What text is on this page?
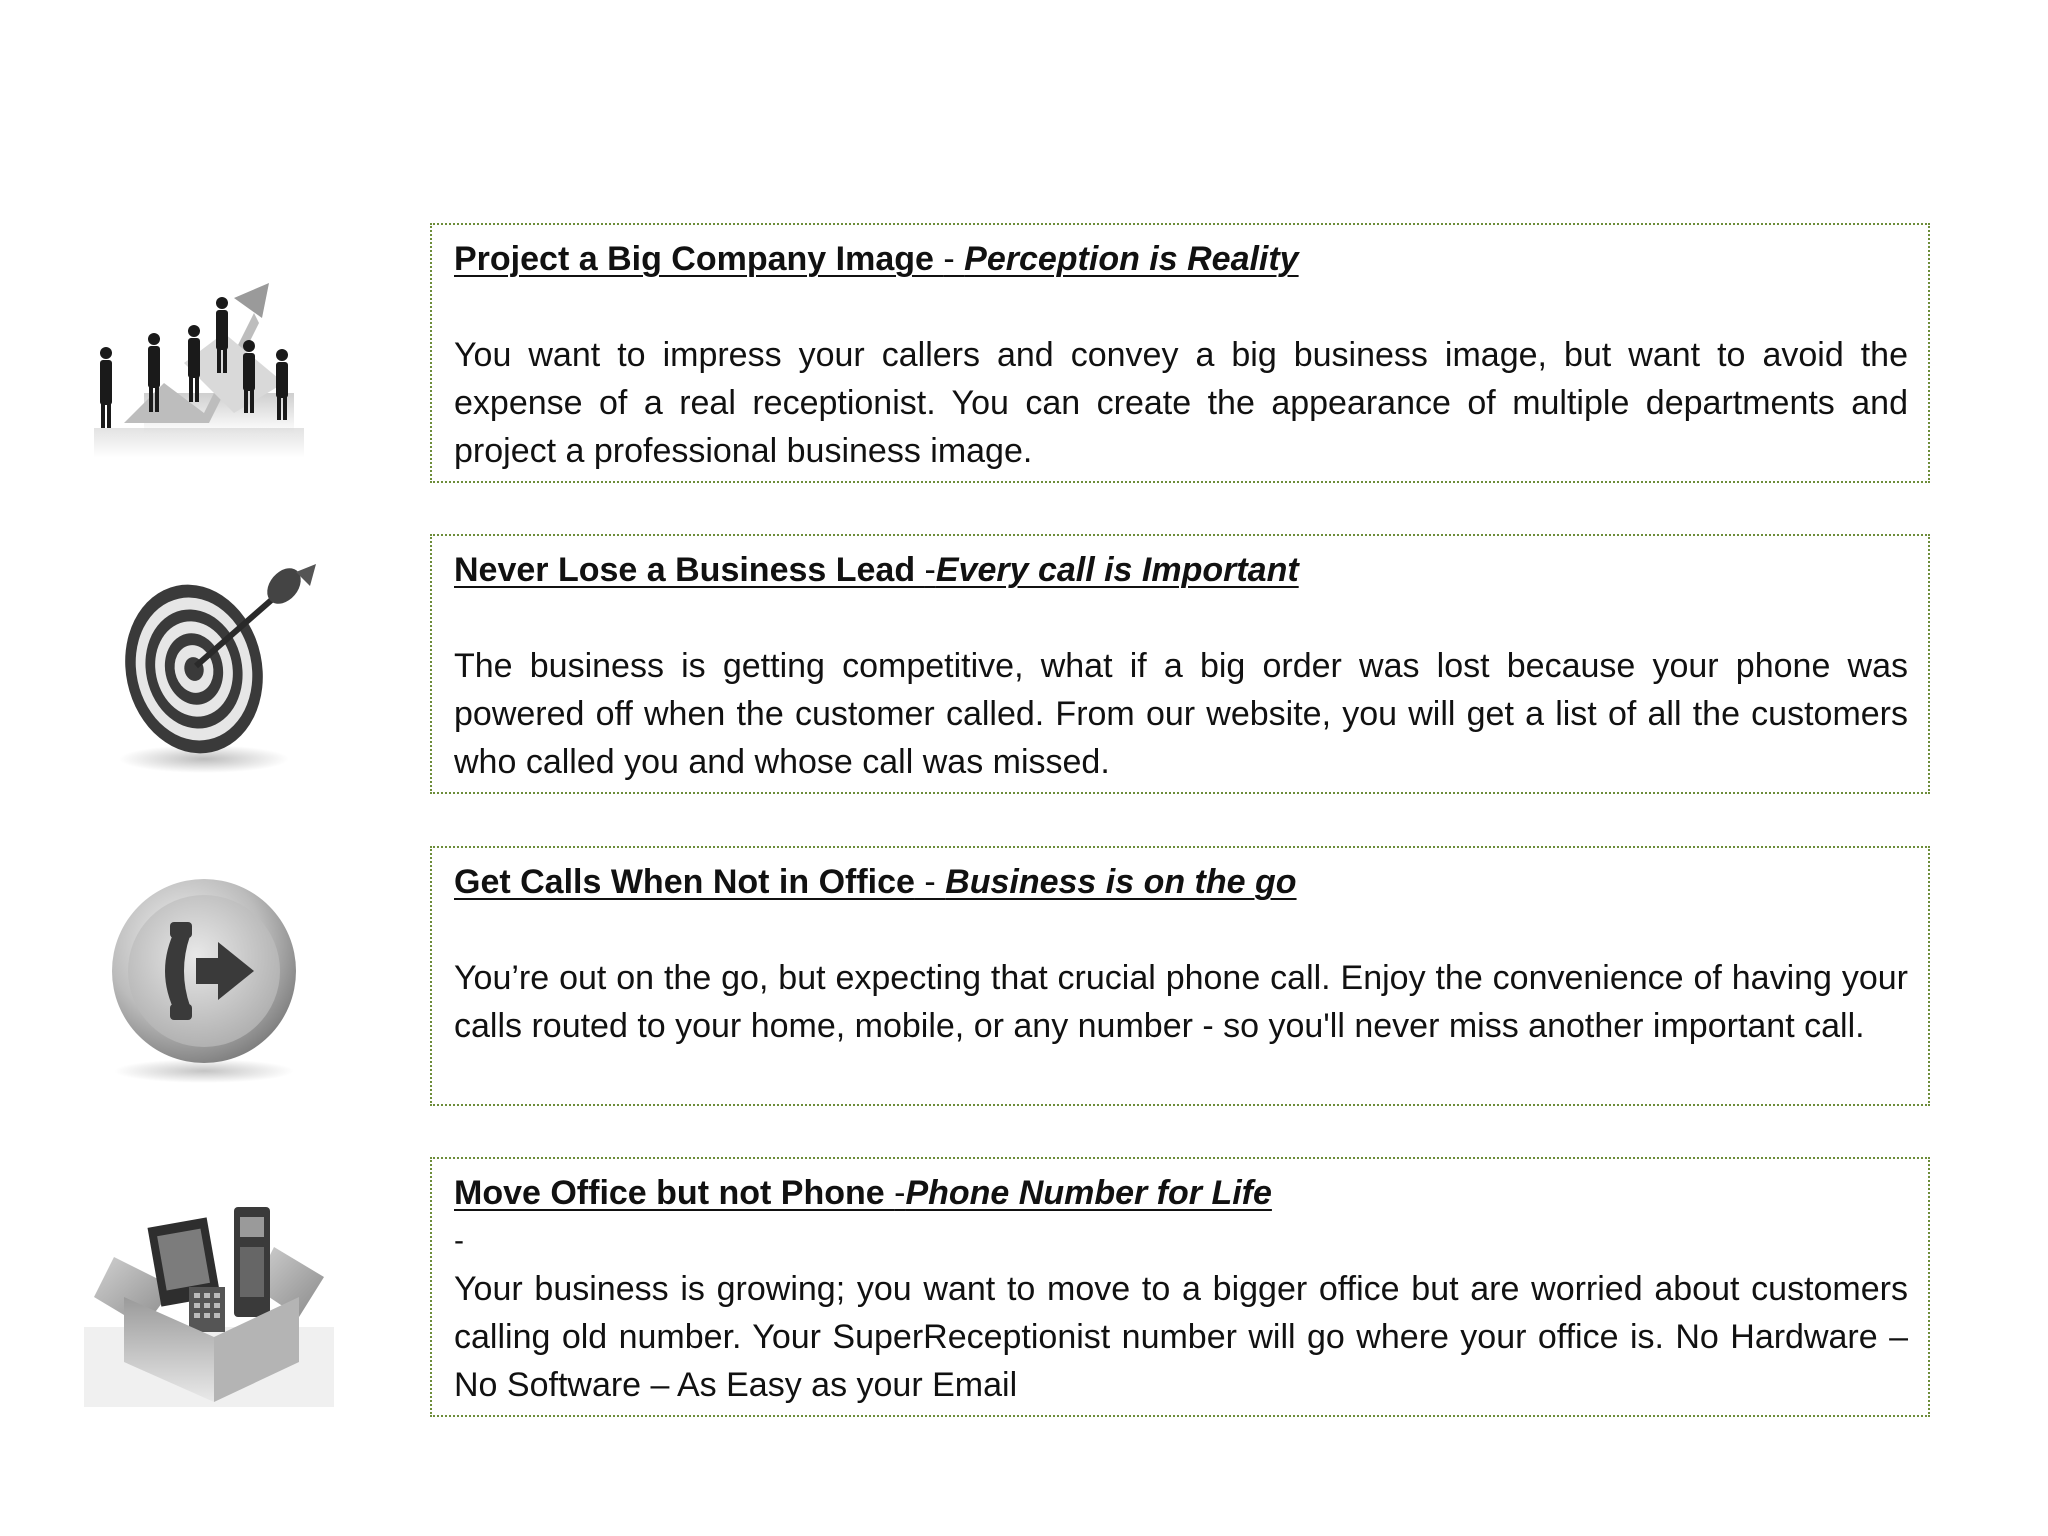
Project a Big Company Image - Perception is Reality
You want to impress your callers and convey a big business image, but want to avoid the expense of a real receptionist. You can create the appearance of multiple departments and project a professional business image.
Never Lose a Business Lead -Every call is Important
The business is getting competitive, what if a big order was lost because your phone was powered off when the customer called. From our website, you will get a list of all the customers who called you and whose call was missed.
Get Calls When Not in Office - Business is on the go
You’re out on the go, but expecting that crucial phone call. Enjoy the convenience of having your calls routed to your home, mobile, or any number - so you'll never miss another important call.
Move Office but not Phone -Phone Number for Life
-
Your business is growing; you want to move to a bigger office but are worried about customers calling old number. Your SuperReceptionist number will go where your office is. No Hardware – No Software – As Easy as your Email
